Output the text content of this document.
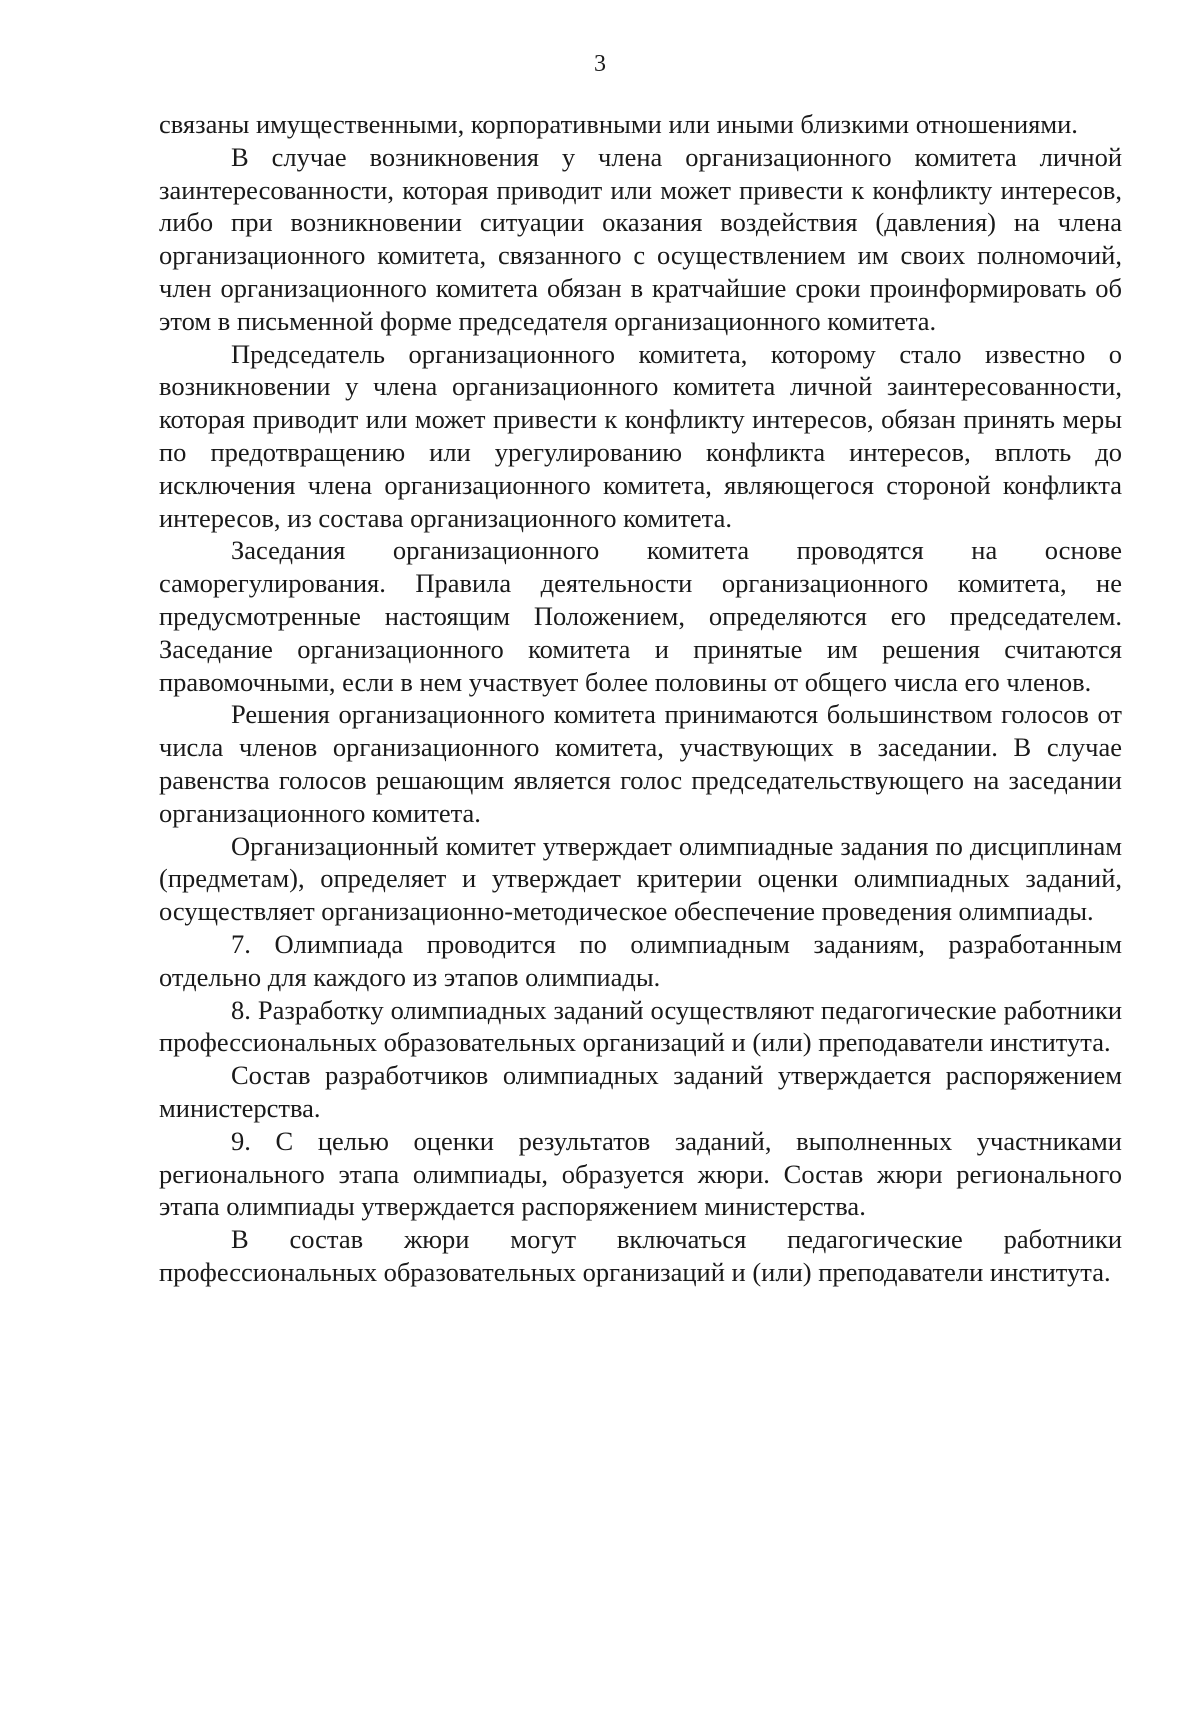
3

связаны имущественными, корпоративными или иными близкими отношениями.

В случае возникновения у члена организационного комитета личной заинтересованности, которая приводит или может привести к конфликту интересов, либо при возникновении ситуации оказания воздействия (давления) на члена организационного комитета, связанного с осуществлением им своих полномочий, член организационного комитета обязан в кратчайшие сроки проинформировать об этом в письменной форме председателя организационного комитета.

Председатель организационного комитета, которому стало известно о возникновении у члена организационного комитета личной заинтересованности, которая приводит или может привести к конфликту интересов, обязан принять меры по предотвращению или урегулированию конфликта интересов, вплоть до исключения члена организационного комитета, являющегося стороной конфликта интересов, из состава организационного комитета.

Заседания организационного комитета проводятся на основе саморегулирования. Правила деятельности организационного комитета, не предусмотренные настоящим Положением, определяются его председателем. Заседание организационного комитета и принятые им решения считаются правомочными, если в нем участвует более половины от общего числа его членов.

Решения организационного комитета принимаются большинством голосов от числа членов организационного комитета, участвующих в заседании. В случае равенства голосов решающим является голос председательствующего на заседании организационного комитета.

Организационный комитет утверждает олимпиадные задания по дисциплинам (предметам), определяет и утверждает критерии оценки олимпиадных заданий, осуществляет организационно-методическое обеспечение проведения олимпиады.

7. Олимпиада проводится по олимпиадным заданиям, разработанным отдельно для каждого из этапов олимпиады.

8. Разработку олимпиадных заданий осуществляют педагогические работники профессиональных образовательных организаций и (или) преподаватели института.

Состав разработчиков олимпиадных заданий утверждается распоряжением министерства.

9. С целью оценки результатов заданий, выполненных участниками регионального этапа олимпиады, образуется жюри. Состав жюри регионального этапа олимпиады утверждается распоряжением министерства.

В состав жюри могут включаться педагогические работники профессиональных образовательных организаций и (или) преподаватели института.
